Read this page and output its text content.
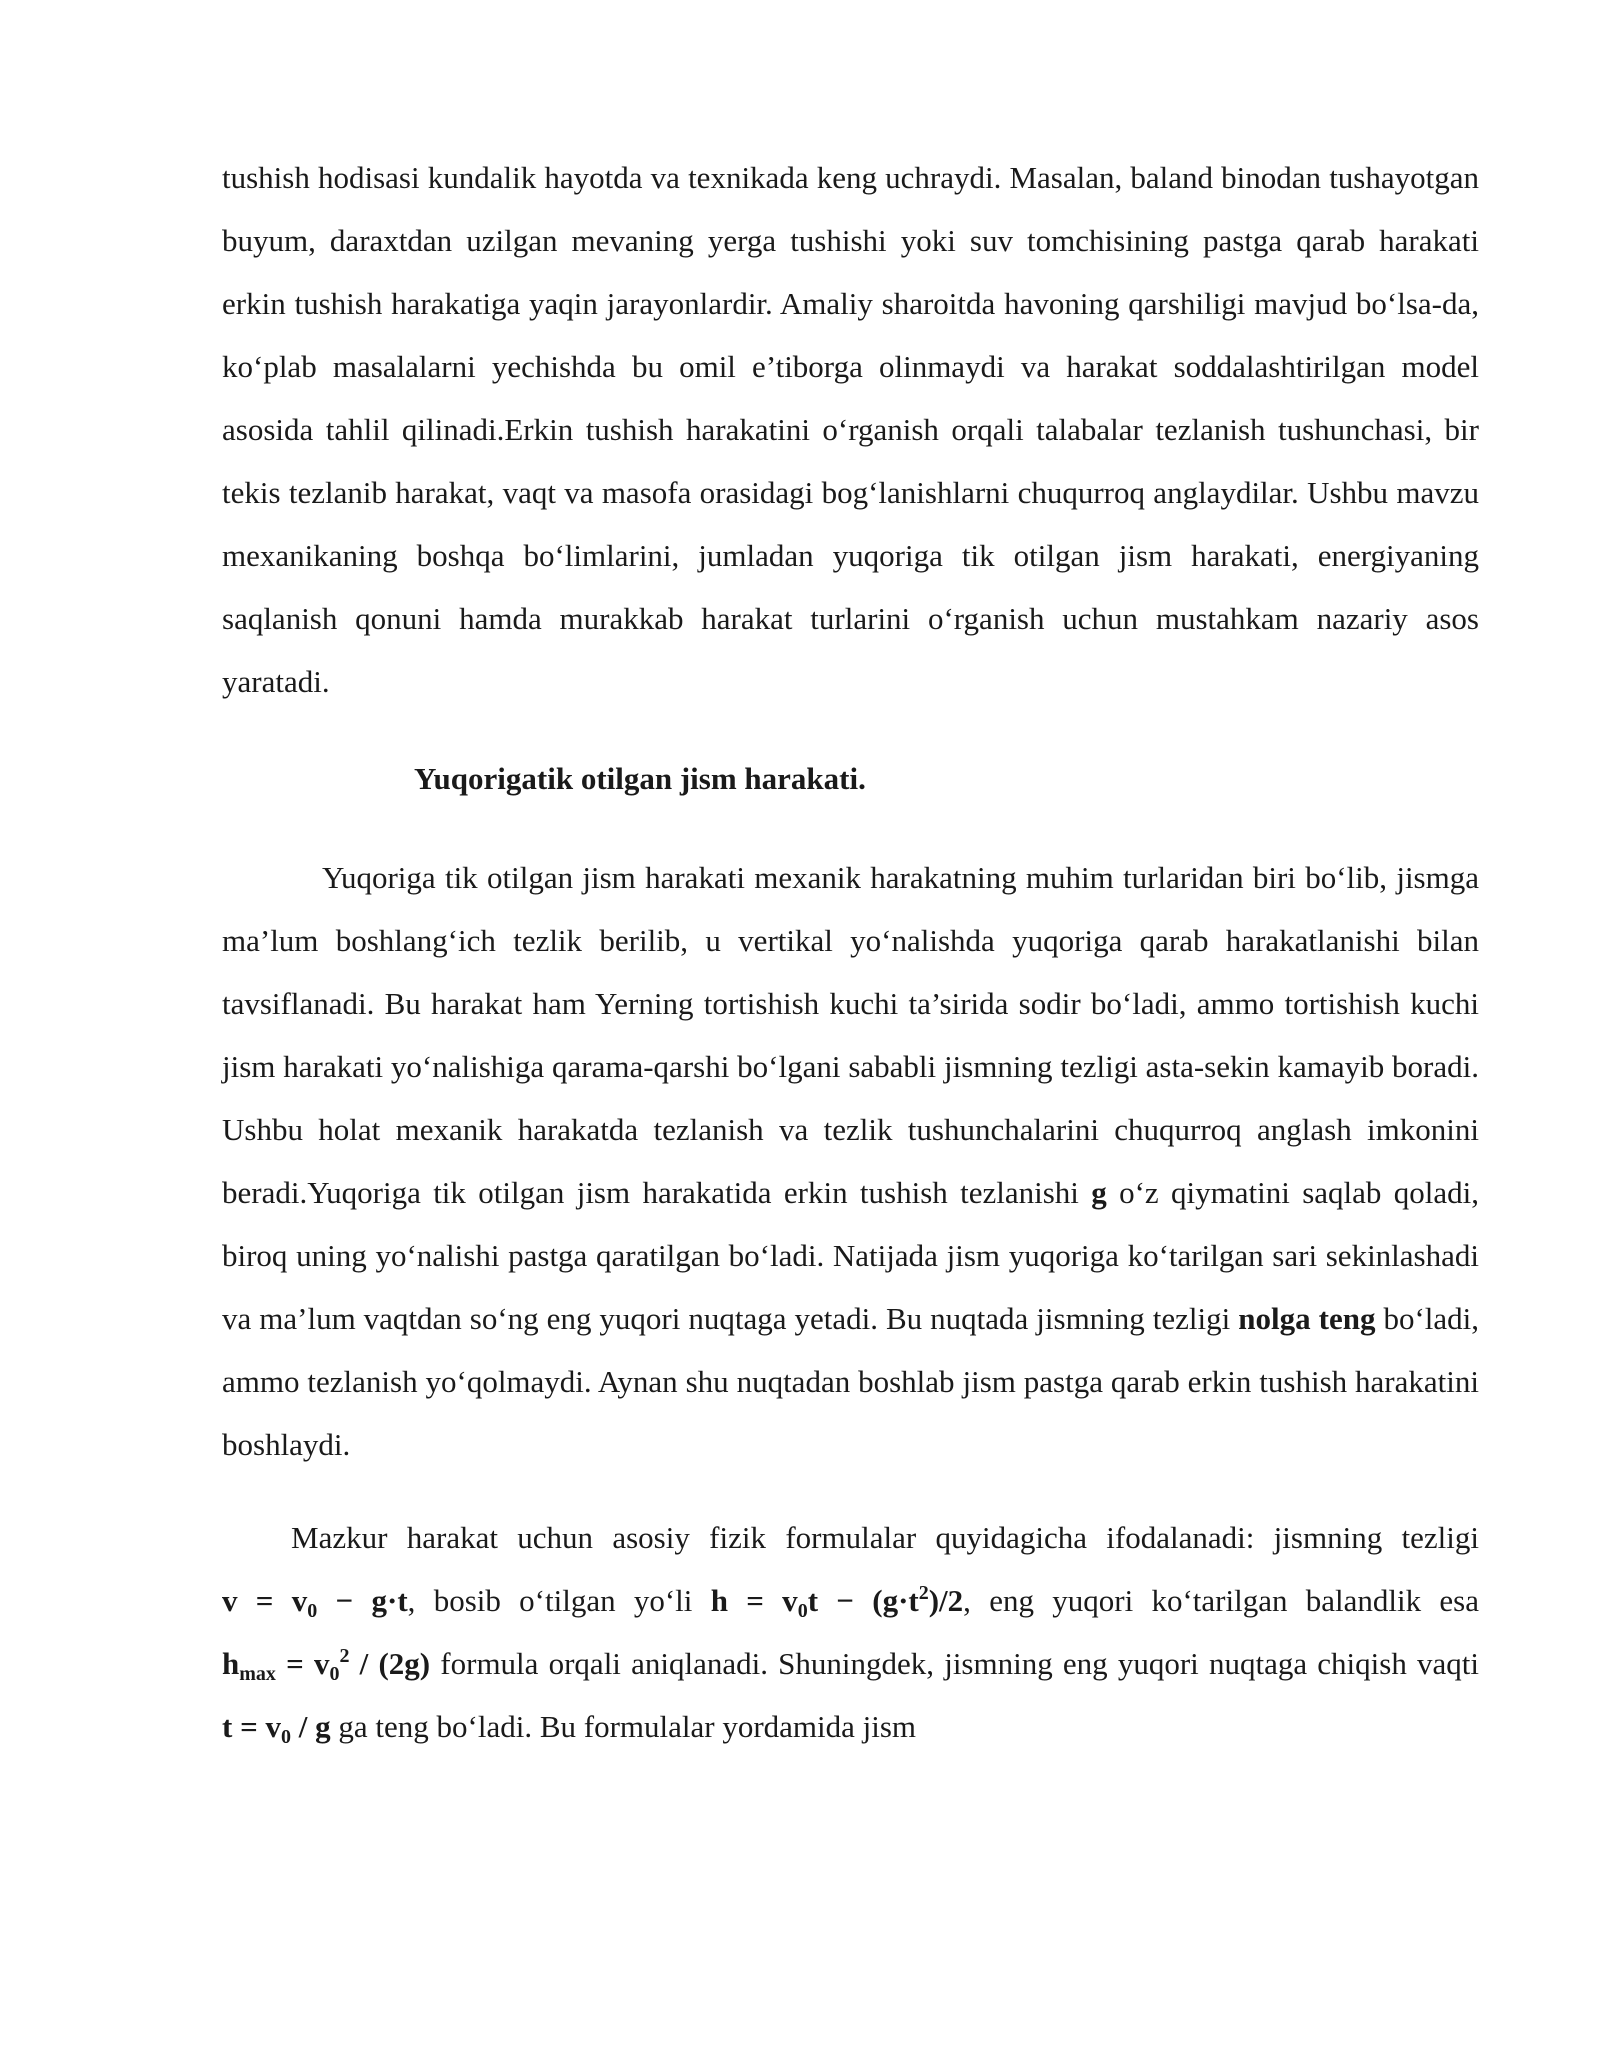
tushish hodisasi kundalik hayotda va texnikada keng uchraydi. Masalan, baland binodan tushayotgan buyum, daraxtdan uzilgan mevaning yerga tushishi yoki suv tomchisining pastga qarab harakati erkin tushish harakatiga yaqin jarayonlardir. Amaliy sharoitda havoning qarshiligi mavjud bo‘lsa-da, ko‘plab masalalarni yechishda bu omil e’tiborga olinmaydi va harakat soddalashtirilgan model asosida tahlil qilinadi.Erkin tushish harakatini o‘rganish orqali talabalar tezlanish tushunchasi, bir tekis tezlanib harakat, vaqt va masofa orasidagi bog‘lanishlarni chuqurroq anglaydilar. Ushbu mavzu mexanikaning boshqa bo‘limlarini, jumladan yuqoriga tik otilgan jism harakati, energiyaning saqlanish qonuni hamda murakkab harakat turlarini o‘rganish uchun mustahkam nazariy asos yaratadi.

Yuqorigatik otilgan jism harakati.

Yuqoriga tik otilgan jism harakati mexanik harakatning muhim turlaridan biri bo‘lib, jismga ma’lum boshlang‘ich tezlik berilib, u vertikal yo‘nalishda yuqoriga qarab harakatlanishi bilan tavsiflanadi. Bu harakat ham Yerning tortishish kuchi ta’sirida sodir bo‘ladi, ammo tortishish kuchi jism harakati yo‘nalishiga qarama-qarshi bo‘lgani sababli jismning tezligi asta-sekin kamayib boradi. Ushbu holat mexanik harakatda tezlanish va tezlik tushunchalarini chuqurroq anglash imkonini beradi.Yuqoriga tik otilgan jism harakatida erkin tushish tezlanishi g o‘z qiymatini saqlab qoladi, biroq uning yo‘nalishi pastga qaratilgan bo‘ladi. Natijada jism yuqoriga ko‘tarilgan sari sekinlashadi va ma’lum vaqtdan so‘ng eng yuqori nuqtaga yetadi. Bu nuqtada jismning tezligi nolga teng bo‘ladi, ammo tezlanish yo‘qolmaydi. Aynan shu nuqtadan boshlab jism pastga qarab erkin tushish harakatini boshlaydi.

Mazkur harakat uchun asosiy fizik formulalar quyidagicha ifodalanadi: jismning tezligi $v = v_0 - g\cdot t$, bosib o‘tilgan yo‘li $h = v_0t - (g\cdot t^2)/2$, eng yuqori ko‘tarilgan balandlik esa $h_{max} = v_0^2 / (2g)$ formula orqali aniqlanadi. Shuningdek, jismning eng yuqori nuqtaga chiqish vaqti $t = v_0 / g$ ga teng bo‘ladi. Bu formulalar yordamida jism
